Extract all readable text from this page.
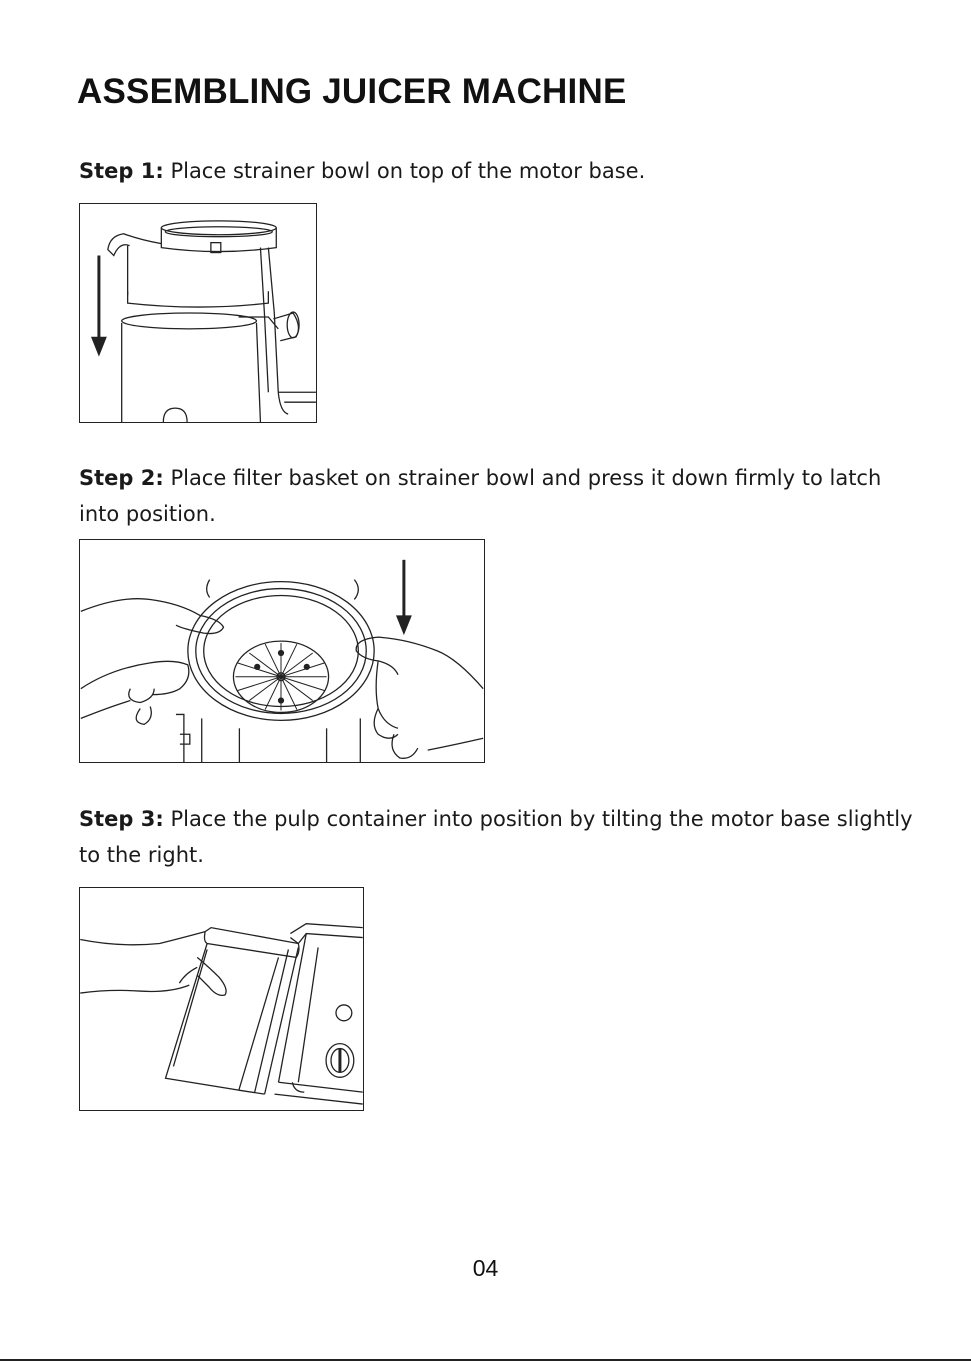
ASSEMBLING JUICER MACHINE

Step 1: Place strainer bowl on top of the motor base.

Step 2: Place filter basket on strainer bowl and press it down firmly to latch into position.

Step 3: Place the pulp container into position by tilting the motor base slightly to the right.

04
